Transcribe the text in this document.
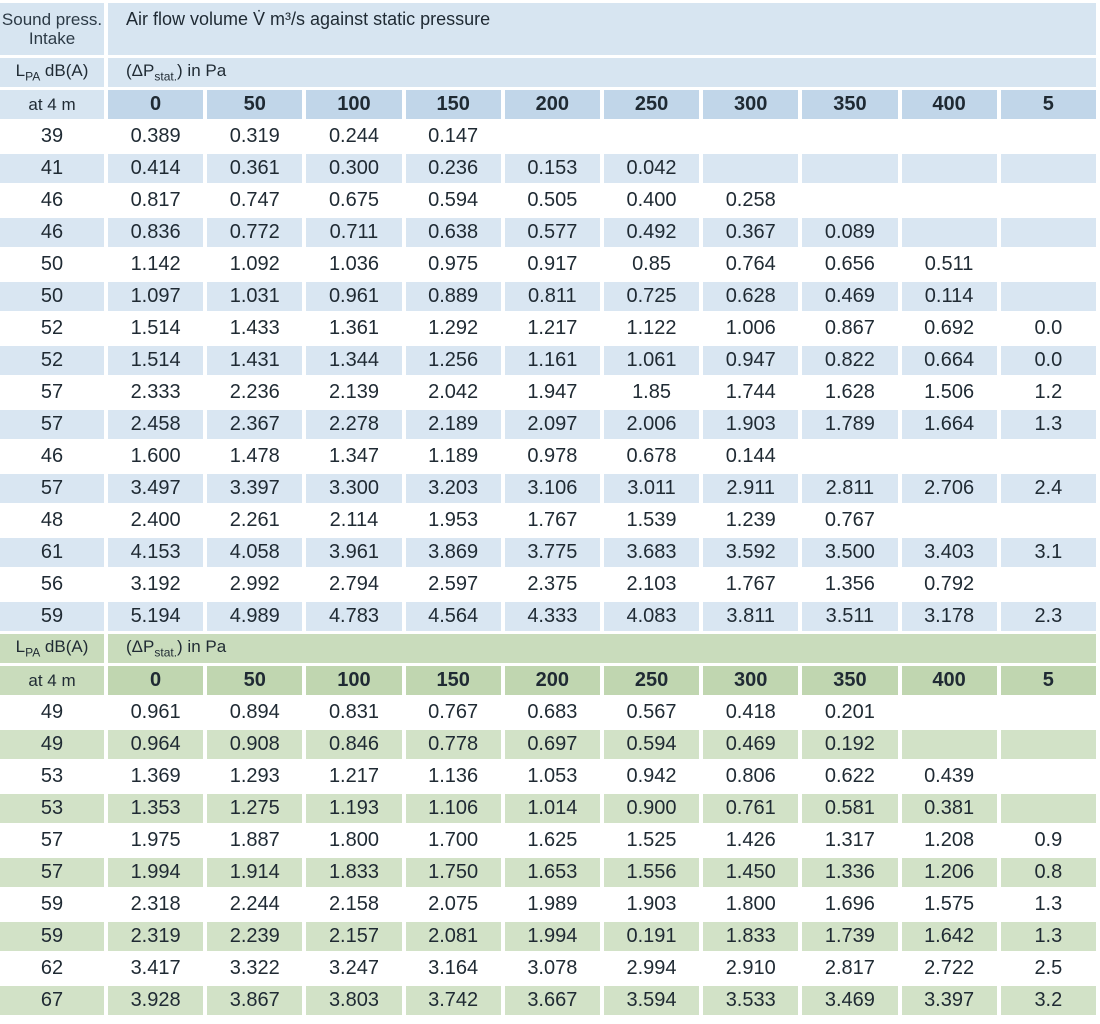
Sound press.
Intake	Air flow volume V̇ m³/s against static pressure									
$L_{PA}$ dB(A)	$(\Delta P_{stat.})$ in Pa									
at 4 m	0	50	100	150	200	250	300	350	400	5
39	0.389	0.319	0.244	0.147						
41	0.414	0.361	0.300	0.236	0.153	0.042				
46	0.817	0.747	0.675	0.594	0.505	0.400	0.258			
46	0.836	0.772	0.711	0.638	0.577	0.492	0.367	0.089		
50	1.142	1.092	1.036	0.975	0.917	0.85	0.764	0.656	0.511	
50	1.097	1.031	0.961	0.889	0.811	0.725	0.628	0.469	0.114	
52	1.514	1.433	1.361	1.292	1.217	1.122	1.006	0.867	0.692	0.0
52	1.514	1.431	1.344	1.256	1.161	1.061	0.947	0.822	0.664	0.0
57	2.333	2.236	2.139	2.042	1.947	1.85	1.744	1.628	1.506	1.2
57	2.458	2.367	2.278	2.189	2.097	2.006	1.903	1.789	1.664	1.3
46	1.600	1.478	1.347	1.189	0.978	0.678	0.144			
57	3.497	3.397	3.300	3.203	3.106	3.011	2.911	2.811	2.706	2.4
48	2.400	2.261	2.114	1.953	1.767	1.539	1.239	0.767		
61	4.153	4.058	3.961	3.869	3.775	3.683	3.592	3.500	3.403	3.1
56	3.192	2.992	2.794	2.597	2.375	2.103	1.767	1.356	0.792	
59	5.194	4.989	4.783	4.564	4.333	4.083	3.811	3.511	3.178	2.3
$L_{PA}$ dB(A)	$(\Delta P_{stat.})$ in Pa									
at 4 m	0	50	100	150	200	250	300	350	400	5
49	0.961	0.894	0.831	0.767	0.683	0.567	0.418	0.201		
49	0.964	0.908	0.846	0.778	0.697	0.594	0.469	0.192		
53	1.369	1.293	1.217	1.136	1.053	0.942	0.806	0.622	0.439	
53	1.353	1.275	1.193	1.106	1.014	0.900	0.761	0.581	0.381	
57	1.975	1.887	1.800	1.700	1.625	1.525	1.426	1.317	1.208	0.9
57	1.994	1.914	1.833	1.750	1.653	1.556	1.450	1.336	1.206	0.8
59	2.318	2.244	2.158	2.075	1.989	1.903	1.800	1.696	1.575	1.3
59	2.319	2.239	2.157	2.081	1.994	0.191	1.833	1.739	1.642	1.3
62	3.417	3.322	3.247	3.164	3.078	2.994	2.910	2.817	2.722	2.5
67	3.928	3.867	3.803	3.742	3.667	3.594	3.533	3.469	3.397	3.2
